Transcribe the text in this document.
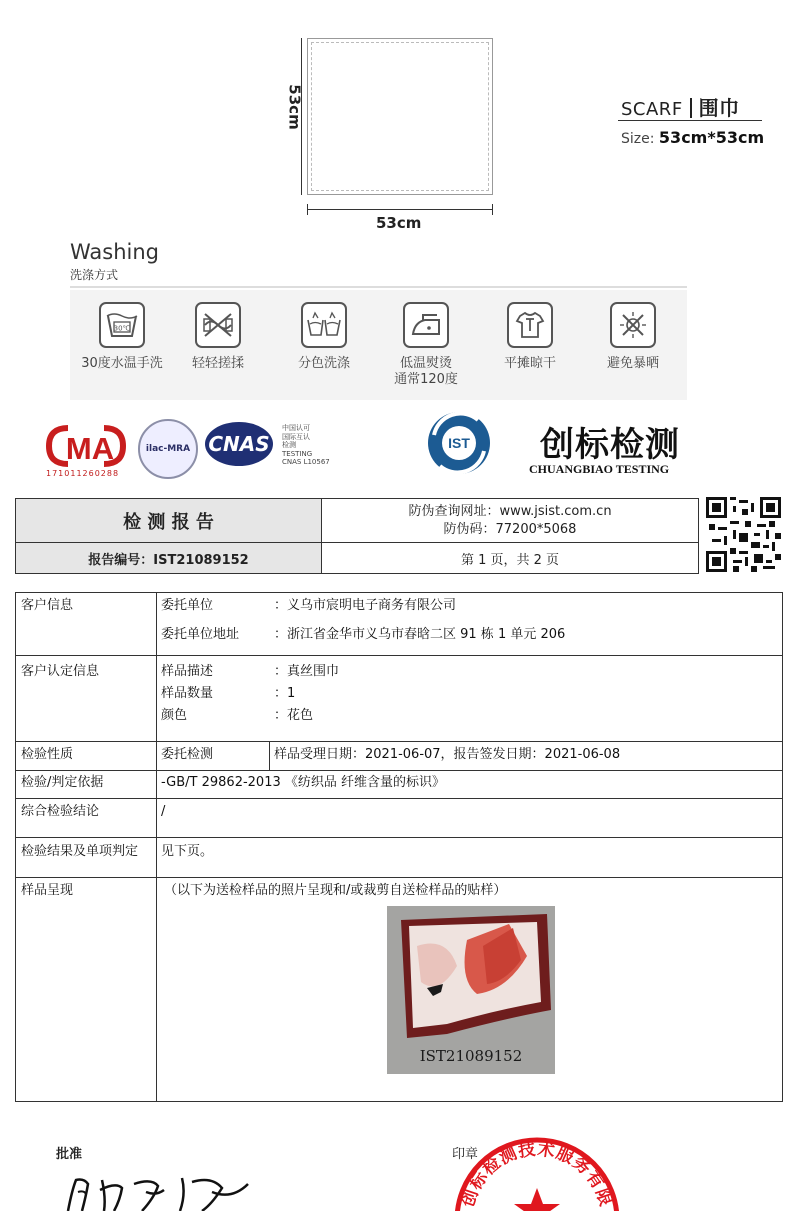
53cm
53cm
SCARF 围巾
Size: 53cm*53cm
Washing
洗涤方式
30℃
30度水温手洗	轻轻搓揉	分色洗涤	低温熨烫
通常120度
平摊晾干	避免暴晒
MA
171011260288
ilac-MRA CNAS
中国认可
国际互认
检测
TESTING
CNAS L10567
IST 创标检测
CHUANGBIAO TESTING
检 测 报 告
防伪查询网址：www.jsist.com.cn
防伪码：77200*5068
报告编号：IST21089152	第 1 页，共 2 页
客户信息	委托单位	：义乌市宸明电子商务有限公司
委托单位地址	：浙江省金华市义乌市春晗二区 91 栋 1 单元 206
客户认定信息	样品描述	：真丝围巾
样品数量	：1
颜色	：花色
检验性质	委托检测	样品受理日期：2021-06-07，报告签发日期：2021-06-08
检验/判定依据	-GB/T 29862-2013 《纺织品 纤维含量的标识》
综合检验结论	/
检验结果及单项判定 见下页。
样品呈现	（以下为送检样品的照片呈现和/或裁剪自送检样品的贴样）
IST21089152
批准	印章
创标检测技术服务有限
